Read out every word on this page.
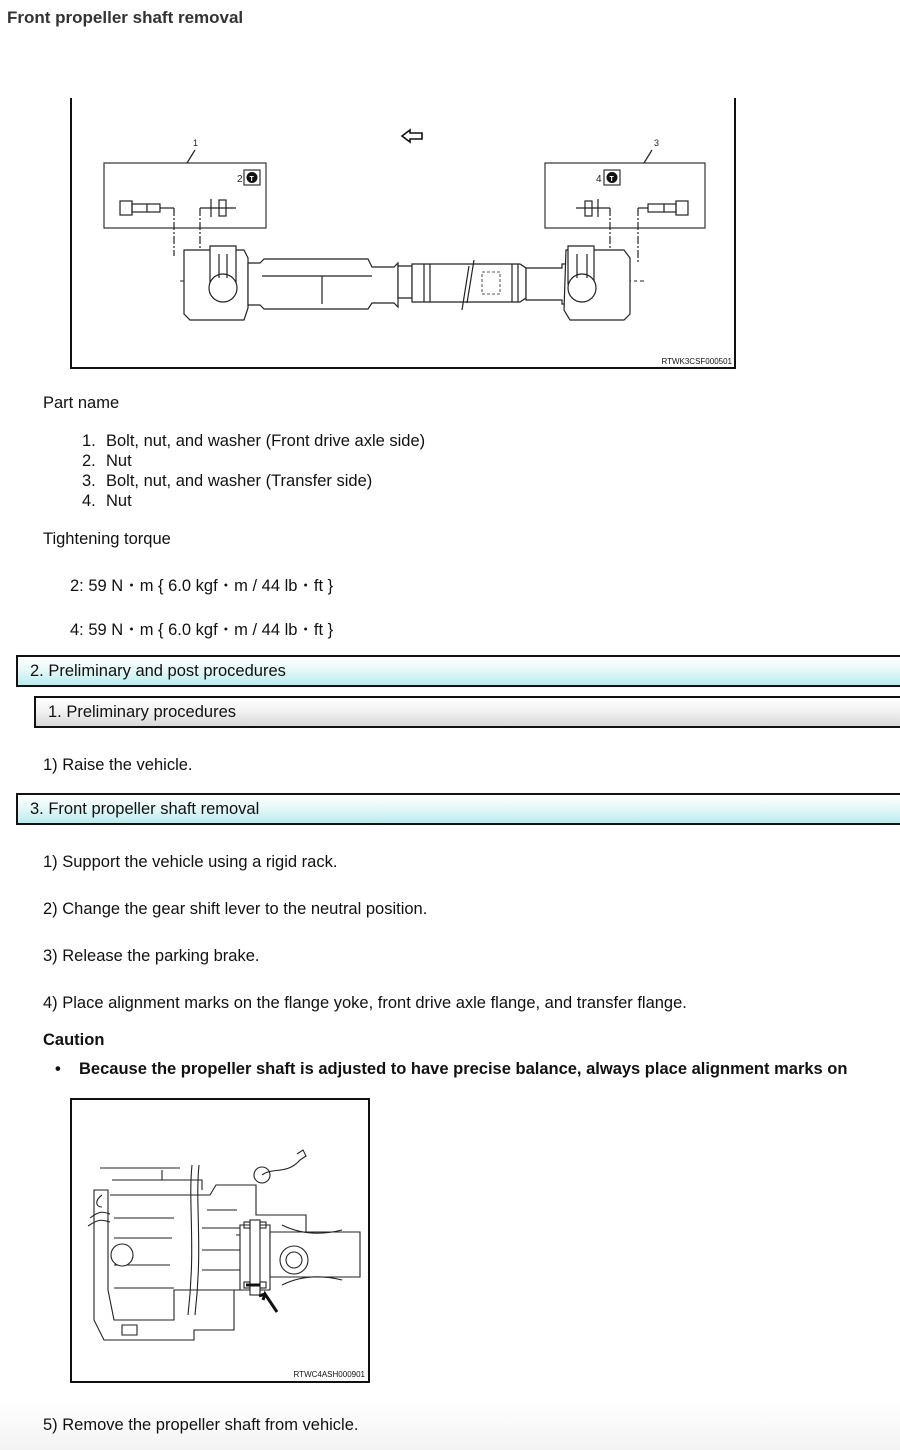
Front propeller shaft removal
1
2 T
3
4 T
RTWK3CSF000501
Part name
1. Bolt, nut, and washer (Front drive axle side)
2. Nut
3. Bolt, nut, and washer (Transfer side)
4. Nut
Tightening torque
2: 59 N・m { 6.0 kgf・m / 44 lb・ft }
4: 59 N・m { 6.0 kgf・m / 44 lb・ft }
2. Preliminary and post procedures
1. Preliminary procedures
1) Raise the vehicle.
3. Front propeller shaft removal
1) Support the vehicle using a rigid rack.
2) Change the gear shift lever to the neutral position.
3) Release the parking brake.
4) Place alignment marks on the flange yoke, front drive axle flange, and transfer flange.
Caution
• Because the propeller shaft is adjusted to have precise balance, always place alignment marks on
RTWC4ASH000901
5) Remove the propeller shaft from vehicle.
